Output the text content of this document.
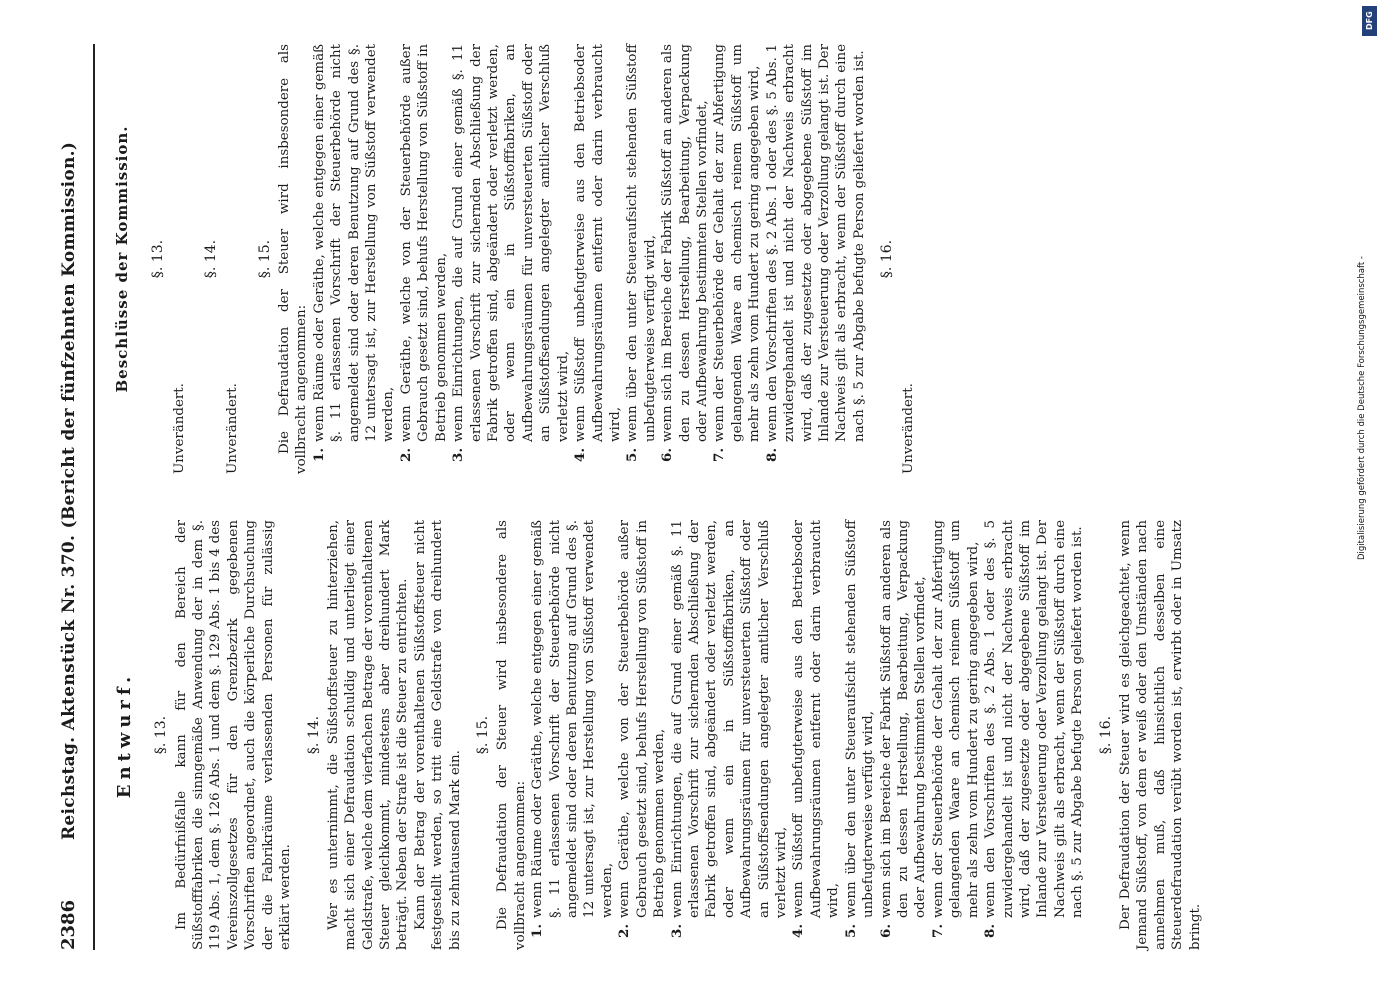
2386
Reichstag. Aktenstück Nr. 370. (Bericht der fünfzehnten Kommission.) Entwurf. §. 13. Im Bedürfnißfalle kann für den Bereich der Süßstofffabriken die sinngemäße Anwendung der in dem §. 119 Abs. 1, dem §. 126 Abs. 1 und dem §. 129 Abs. 1 bis 4 des Vereinszollgesetzes für den Grenzbezirk gegebenen Vorschriften angeordnet, auch die körperliche Durchsuchung der die Fabrikräume verlassenden Personen für zulässig erklärt werden.

§. 14. Wer es unternimmt, die Süßstoffsteuer zu hinterziehen, macht sich einer Defraudation schuldig und unterliegt einer Geldstrafe, welche dem vierfachen Betrage der vorenthaltenen Steuer gleichkommt, mindestens aber dreihundert Mark beträgt. Neben der Strafe ist die Steuer zu entrichten. Kann der Betrag der vorenthaltenen Süßstoffsteuer nicht festgestellt werden, so tritt eine Geldstrafe von dreihundert bis zu zehntausend Mark ein.

§. 15. Die Defraudation der Steuer wird insbesondere als vollbracht angenommen: 1.
wenn Räume oder Geräthe, welche entgegen einer gemäß §. 11 erlassenen Vorschrift der Steuerbehörde nicht angemeldet sind oder deren Benutzung auf Grund des §. 12 untersagt ist, zur Herstellung von Süßstoff verwendet werden,
2.
wenn Geräthe, welche von der Steuerbehörde außer Gebrauch gesetzt sind, behufs Herstellung von Süßstoff in Betrieb genommen werden,
3.
wenn Einrichtungen, die auf Grund einer gemäß §. 11 erlassenen Vorschrift zur sichernden Abschließung der Fabrik getroffen sind, abgeändert oder verletzt werden, oder wenn ein in Süßstofffabriken, an Aufbewahrungsräumen für unversteuerten Süßstoff oder an Süßstoffsendungen angelegter amtlicher Verschluß verletzt wird,
4.
wenn Süßstoff unbefugterweise aus den Betriebsoder Aufbewahrungsräumen entfernt oder darin verbraucht wird,
5.
wenn über den unter Steueraufsicht stehenden Süßstoff unbefugterweise verfügt wird,
6.
wenn sich im Bereiche der Fabrik Süßstoff an anderen als den zu dessen Herstellung, Bearbeitung, Verpackung oder Aufbewahrung bestimmten Stellen vorfindet,
7.
wenn der Steuerbehörde der Gehalt der zur Abfertigung gelangenden Waare an chemisch reinem Süßstoff um mehr als zehn vom Hundert zu gering angegeben wird,
8.
wenn den Vorschriften des §. 2 Abs. 1 oder des §. 5 zuwidergehandelt ist und nicht der Nachweis erbracht wird, daß der zugesetzte oder abgegebene Süßstoff im Inlande zur Versteuerung oder Verzollung gelangt ist. Der Nachweis gilt als erbracht, wenn der Süßstoff durch eine nach §. 5 zur Abgabe befugte Person geliefert worden ist. §. 16. Der Defraudation der Steuer wird es gleichgeachtet, wenn Jemand Süßstoff, von dem er weiß oder den Umständen nach annehmen muß, daß hinsichtlich desselben eine Steuerdefraudation verübt worden ist, erwirbt oder in Umsatz bringt.

Beschlüsse der Kommission. §. 13.
Unverändert.
§. 14.
Unverändert.
§. 15. Die Defraudation der Steuer wird insbesondere als vollbracht angenommen: 1.
wenn Räume oder Geräthe, welche entgegen einer gemäß §. 11 erlassenen Vorschrift der Steuerbehörde nicht angemeldet sind oder deren Benutzung auf Grund des §. 12 untersagt ist, zur Herstellung von Süßstoff verwendet werden,
2.
wenn Geräthe, welche von der Steuerbehörde außer Gebrauch gesetzt sind, behufs Herstellung von Süßstoff in Betrieb genommen werden,
3.
wenn Einrichtungen, die auf Grund einer gemäß §. 11 erlassenen Vorschrift zur sichernden Abschließung der Fabrik getroffen sind, abgeändert oder verletzt werden, oder wenn ein in Süßstofffabriken, an Aufbewahrungsräumen für unversteuerten Süßstoff oder an Süßstoffsendungen angelegter amtlicher Verschluß verletzt wird,
4.
wenn Süßstoff unbefugterweise aus den Betriebsoder Aufbewahrungsräumen entfernt oder darin verbraucht wird,
5.
wenn über den unter Steueraufsicht stehenden Süßstoff unbefugterweise verfügt wird,
6.
wenn sich im Bereiche der Fabrik Süßstoff an anderen als den zu dessen Herstellung, Bearbeitung, Verpackung oder Aufbewahrung bestimmten Stellen vorfindet,
7.
wenn der Steuerbehörde der Gehalt der zur Abfertigung gelangenden Waare an chemisch reinem Süßstoff um mehr als zehn vom Hundert zu gering angegeben wird,
8.
wenn den Vorschriften des §. 2 Abs. 1 oder des §. 5 Abs. 1 zuwidergehandelt ist und nicht der Nachweis erbracht wird, daß der zugesetzte oder abgegebene Süßstoff im Inlande zur Versteuerung oder Verzollung gelangt ist. Der Nachweis gilt als erbracht, wenn der Süßstoff durch eine nach §. 5 zur Abgabe befugte Person geliefert worden ist. §. 16.
Unverändert.
DFG
Digitalisierung gefördert durch die Deutsche Forschungsgemeinschaft -
